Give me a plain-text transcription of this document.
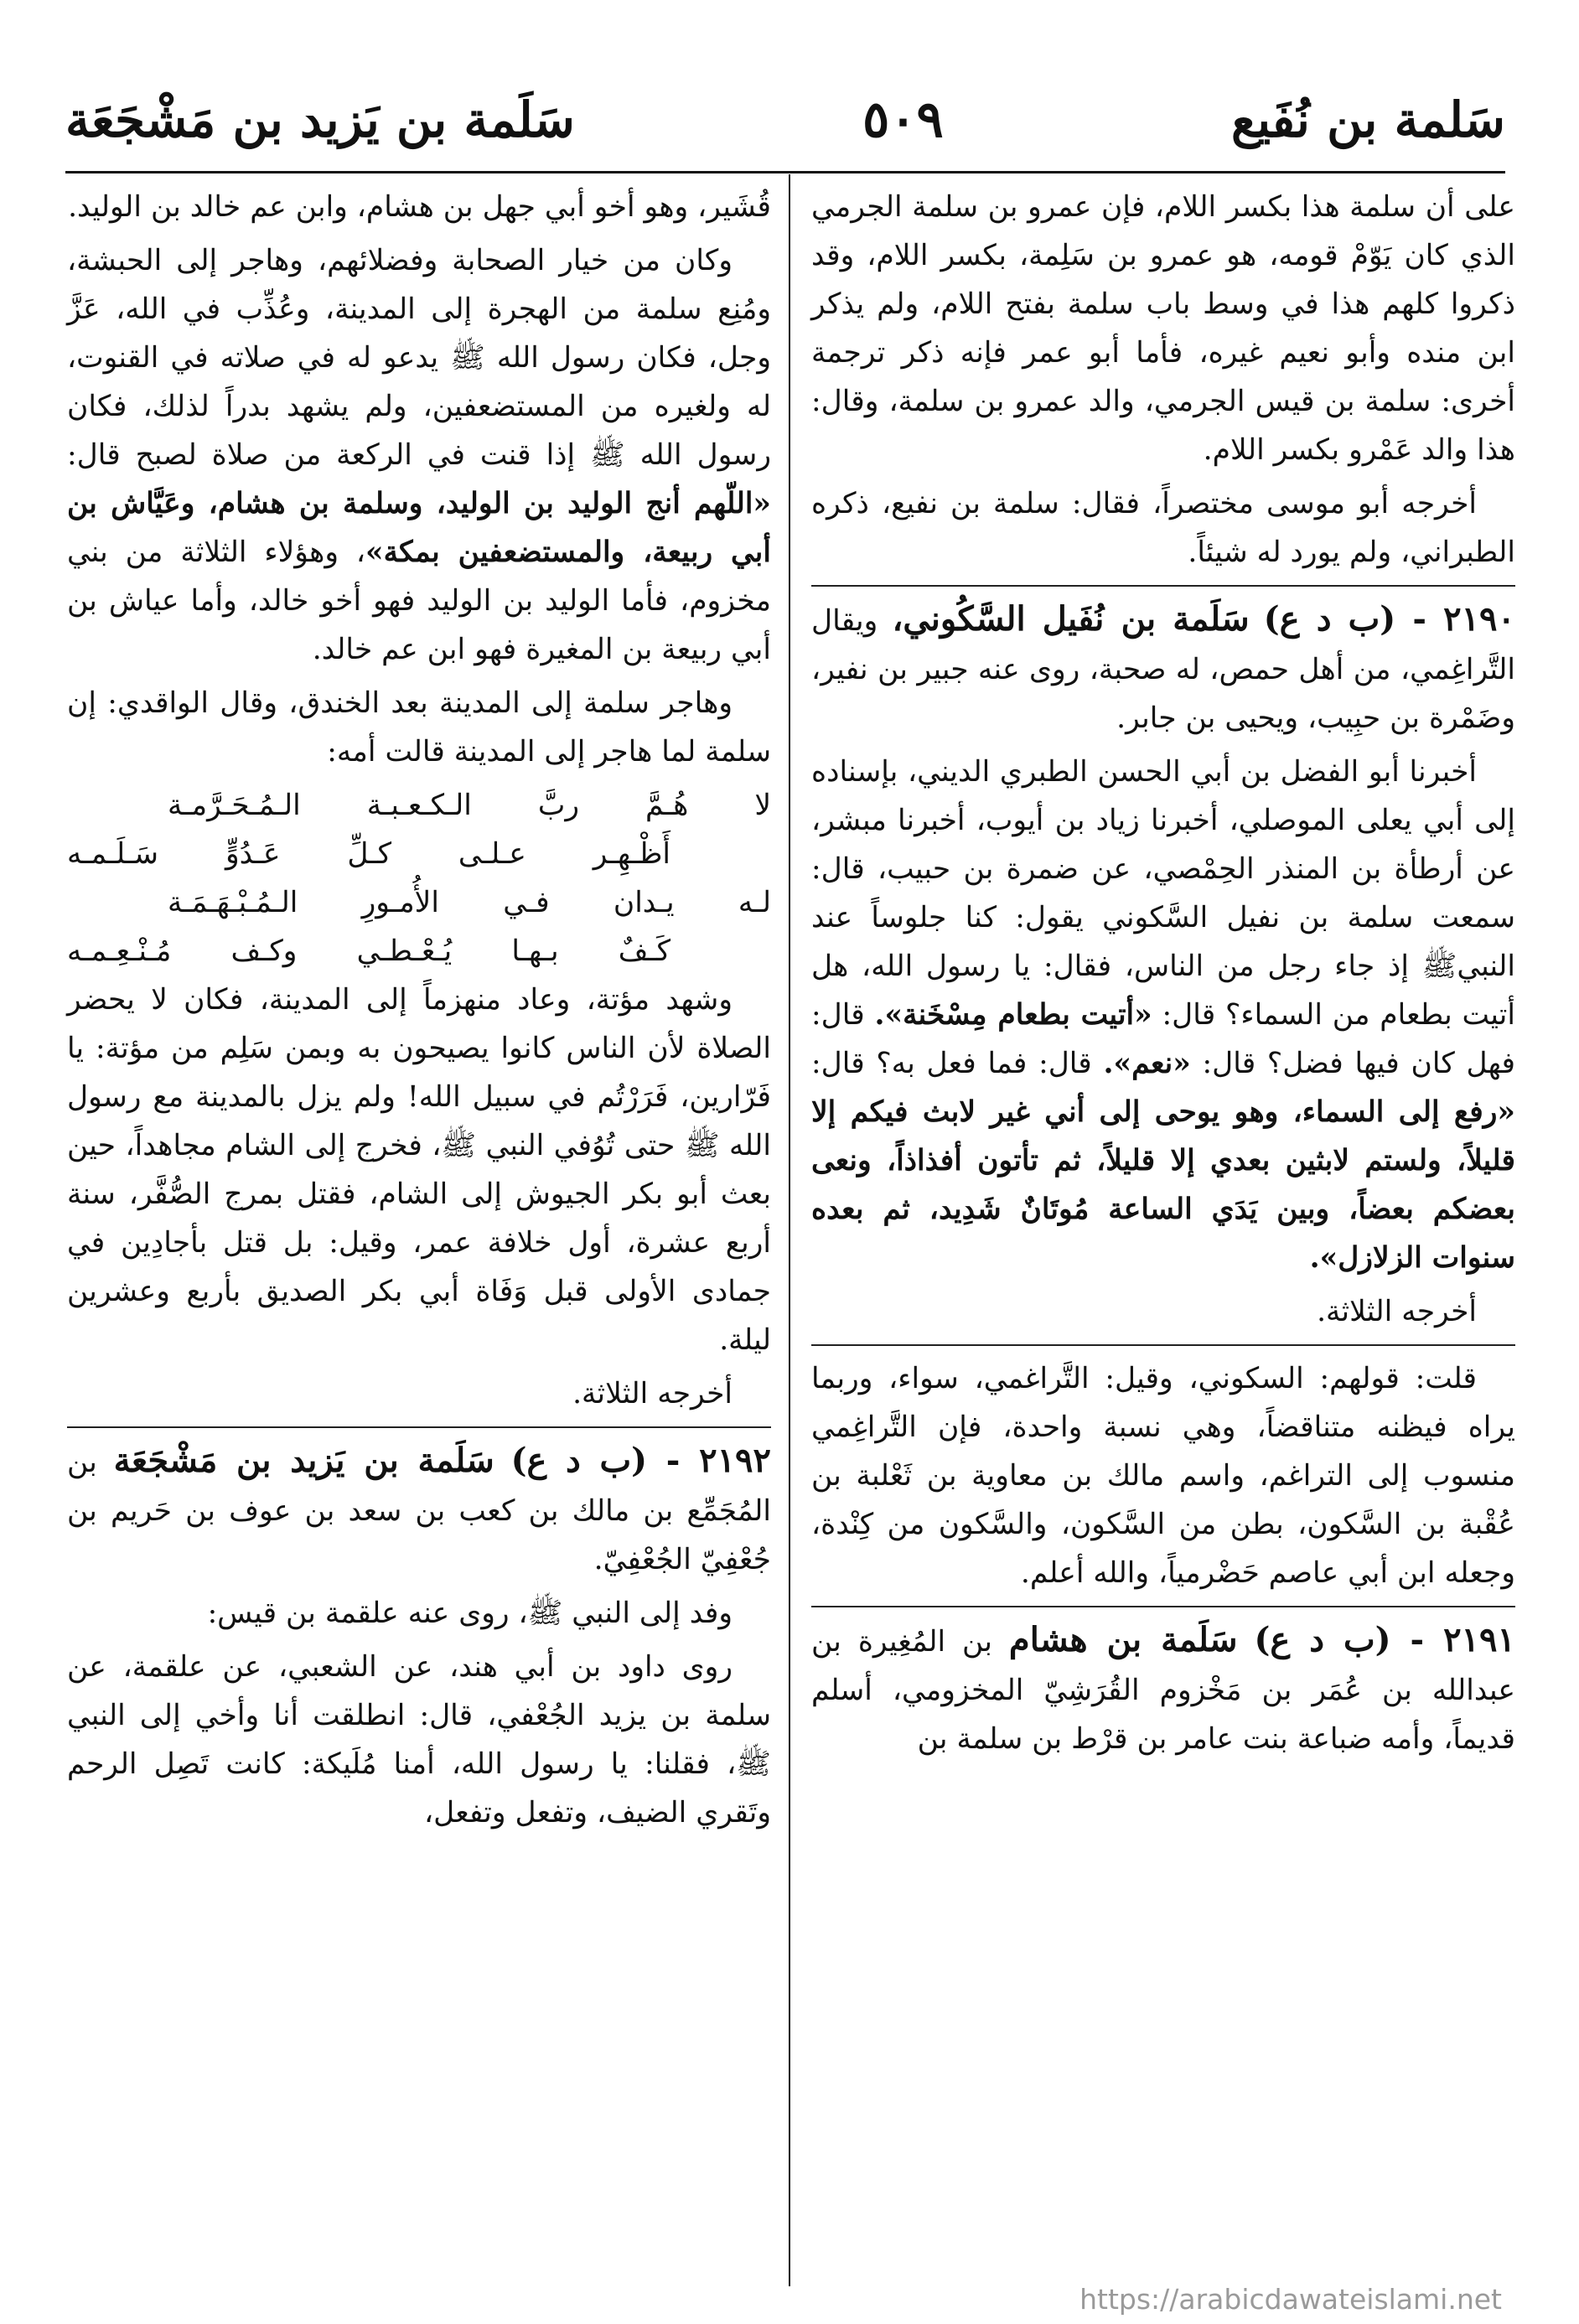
سَلمة بن نُفَيع
٥٠٩
سَلَمة بن يَزيد بن مَشْجَعَة

على أن سلمة هذا بكسر اللام، فإن عمرو بن سلمة الجرمي الذي كان يَوّمْ قومه، هو عمرو بن سَلِمة، بكسر اللام، وقد ذكروا كلهم هذا في وسط باب سلمة بفتح اللام، ولم يذكر ابن منده وأبو نعيم غيره، فأما أبو عمر فإنه ذكر ترجمة أخرى: سلمة بن قيس الجرمي، والد عمرو بن سلمة، وقال: هذا والد عَمْرو بكسر اللام.

أخرجه أبو موسى مختصراً، فقال: سلمة بن نفيع، ذكره الطبراني، ولم يورد له شيئاً.

٢١٩٠ - (ب د ع) سَلَمة بن نُفَيل السَّكُوني، ويقال التَّراغِمي، من أهل حمص، له صحبة، روى عنه جبير بن نفير، وضَمْرة بن حبِيب، ويحيى بن جابر.

أخبرنا أبو الفضل بن أبي الحسن الطبري الديني، بإسناده إلى أبي يعلى الموصلي، أخبرنا زياد بن أيوب، أخبرنا مبشر، عن أرطأة بن المنذر الحِمْصي، عن ضمرة بن حبيب، قال: سمعت سلمة بن نفيل السَّكوني يقول: كنا جلوساً عند النبيﷺ إذ جاء رجل من الناس، فقال: يا رسول الله، هل أتيت بطعام من السماء؟ قال: «أتيت بطعام مِسْخَنة». قال: فهل كان فيها فضل؟ قال: «نعم». قال: فما فعل به؟ قال: «رفع إلى السماء، وهو يوحى إلى أني غير لابث فيكم إلا قليلاً، ولستم لابثين بعدي إلا قليلاً، ثم تأتون أفذاذاً، ونعى بعضكم بعضاً، وبين يَدَي الساعة مُوتَانٌ شَدِيد، ثم بعده سنوات الزلازل».

أخرجه الثلاثة.

قلت: قولهم: السكوني، وقيل: التَّراغمي، سواء، وربما يراه فيظنه متناقضاً، وهي نسبة واحدة، فإن التَّراغِمي منسوب إلى التراغم، واسم مالك بن معاوية بن ثَعْلبة بن عُقْبة بن السَّكون، بطن من السَّكون، والسَّكون من كِنْدة، وجعله ابن أبي عاصم حَضْرمياً، والله أعلم.

٢١٩١ - (ب د ع) سَلَمة بن هشام بن المُغِيرة بن عبدالله بن عُمَر بن مَخْزوم القُرَشِيّ المخزومي، أسلم قديماً، وأمه ضباعة بنت عامر بن قرْط بن سلمة بن

قُشَير، وهو أخو أبي جهل بن هشام، وابن عم خالد بن الوليد.

وكان من خيار الصحابة وفضلائهم، وهاجر إلى الحبشة، ومُنِع سلمة من الهجرة إلى المدينة، وعُذِّب في الله، عَزَّ وجل، فكان رسول الله ﷺ يدعو له في صلاته في القنوت، له ولغيره من المستضعفين، ولم يشهد بدراً لذلك، فكان رسول الله ﷺ إذا قنت في الركعة من صلاة لصبح قال: «اللّهم أنج الوليد بن الوليد، وسلمة بن هشام، وعَيَّاش بن أبي ربيعة، والمستضعفين بمكة»، وهؤلاء الثلاثة من بني مخزوم، فأما الوليد بن الوليد فهو أخو خالد، وأما عياش بن أبي ربيعة بن المغيرة فهو ابن عم خالد.

وهاجر سلمة إلى المدينة بعد الخندق، وقال الواقدي: إن سلمة لما هاجر إلى المدينة قالت أمه:

لا هُـمَّ ربَّ الـكـعـبـة الـمُـحَـرَّمـة
أَظْـهِـر عـلـى كـلِّ عَـدُوٍّ سَـلَـمـه
لـه يـدان فـي الأُمـورِ الـمُـبْـهَـمَـة
كَـفٌ بـهـا يُـعْـطـي وكـف مُـنْـعِـمـه

وشهد مؤتة، وعاد منهزماً إلى المدينة، فكان لا يحضر الصلاة لأن الناس كانوا يصيحون به وبمن سَلِم من مؤتة: يا فَرّارين، فَرَرْتُم في سبيل الله! ولم يزل بالمدينة مع رسول الله ﷺ حتى تُوُفي النبي ﷺ، فخرج إلى الشام مجاهداً، حين بعث أبو بكر الجيوش إلى الشام، فقتل بمرج الصُّفَّر، سنة أربع عشرة، أول خلافة عمر، وقيل: بل قتل بأجادِين في جمادى الأولى قبل وَفَاة أبي بكر الصديق بأربع وعشرين ليلة.

أخرجه الثلاثة.

٢١٩٢ - (ب د ع) سَلَمة بن يَزيد بن مَشْجَعَة بن المُجَمِّع بن مالك بن كعب بن سعد بن عوف بن حَريم بن جُعْفِيّ الجُعْفِيّ.

وفد إلى النبي ﷺ، روى عنه علقمة بن قيس:

روى داود بن أبي هند، عن الشعبي، عن علقمة، عن سلمة بن يزيد الجُعْفي، قال: انطلقت أنا وأخي إلى النبي ﷺ، فقلنا: يا رسول الله، أمنا مُلَيكة: كانت تَصِل الرحم وتَقري الضيف، وتفعل وتفعل،

https://arabicdawateislami.net
